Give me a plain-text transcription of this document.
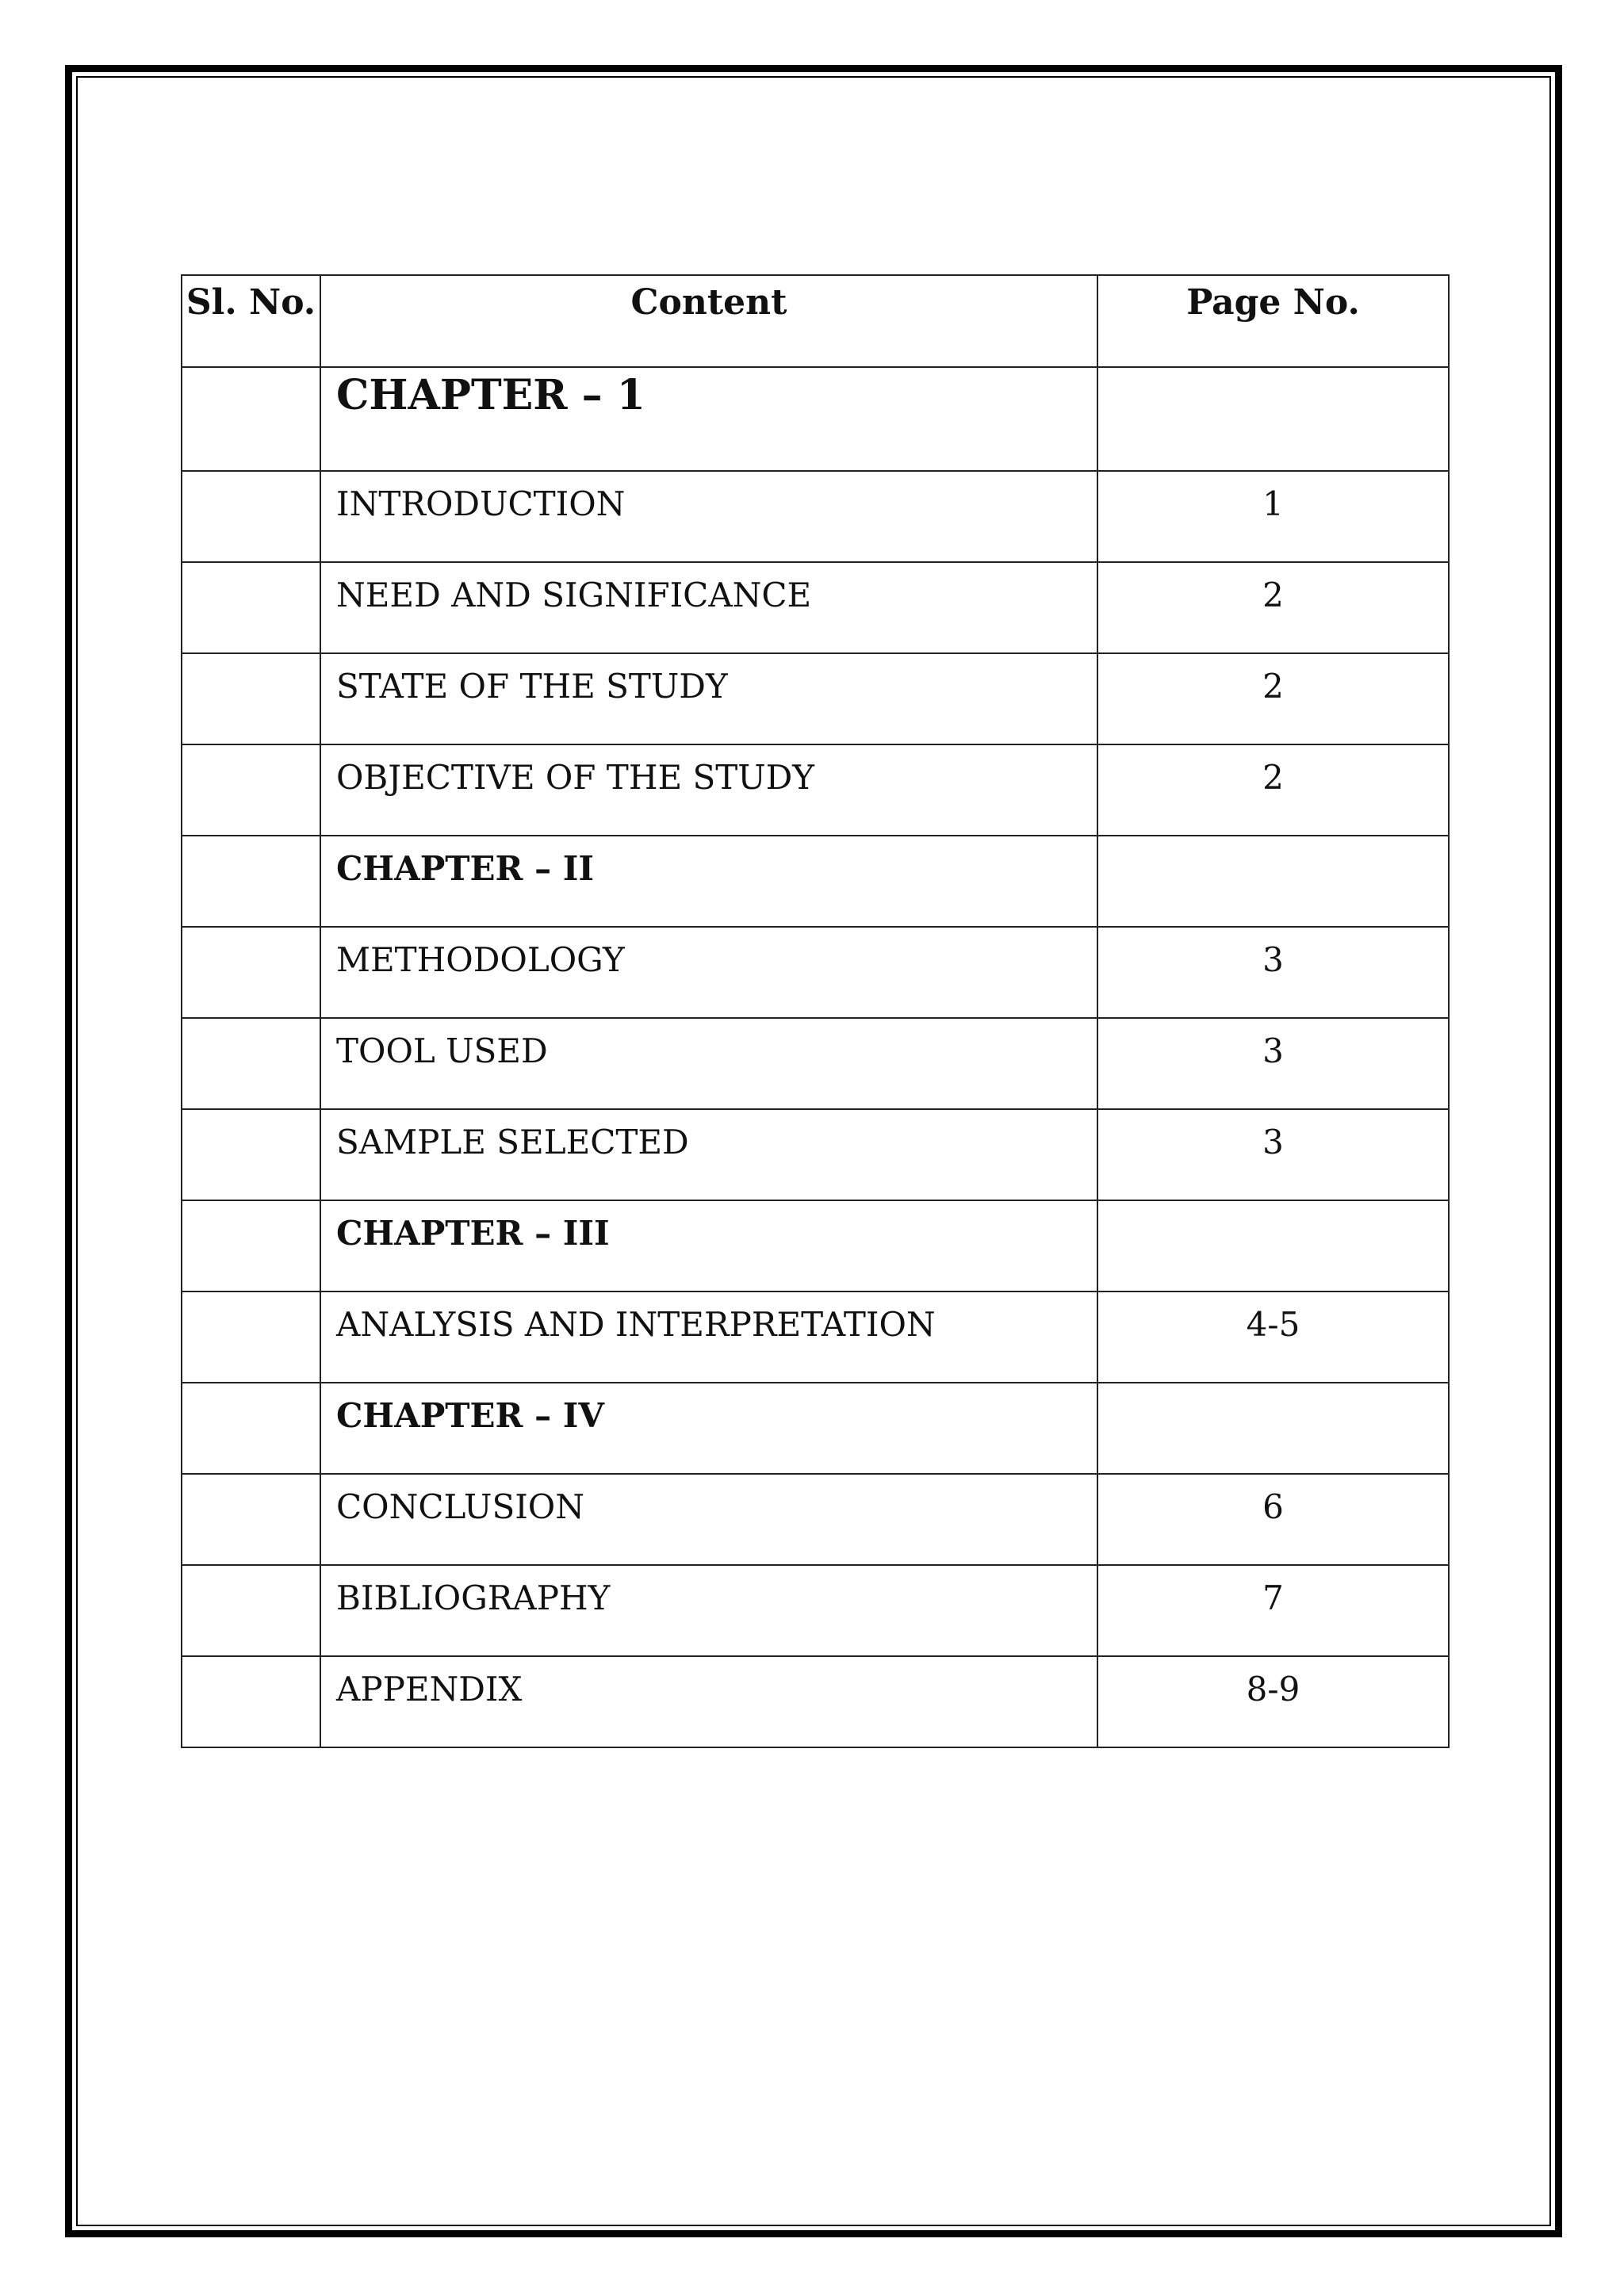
Sl. No.	Content	Page No.
	CHAPTER – 1	
	INTRODUCTION	1
	NEED AND SIGNIFICANCE	2
	STATE OF THE STUDY	2
	OBJECTIVE OF THE STUDY	2
	CHAPTER – II	
	METHODOLOGY	3
	TOOL USED	3
	SAMPLE SELECTED	3
	CHAPTER – III	
	ANALYSIS AND INTERPRETATION	4-5
	CHAPTER – IV	
	CONCLUSION	6
	BIBLIOGRAPHY	7
	APPENDIX	8-9
